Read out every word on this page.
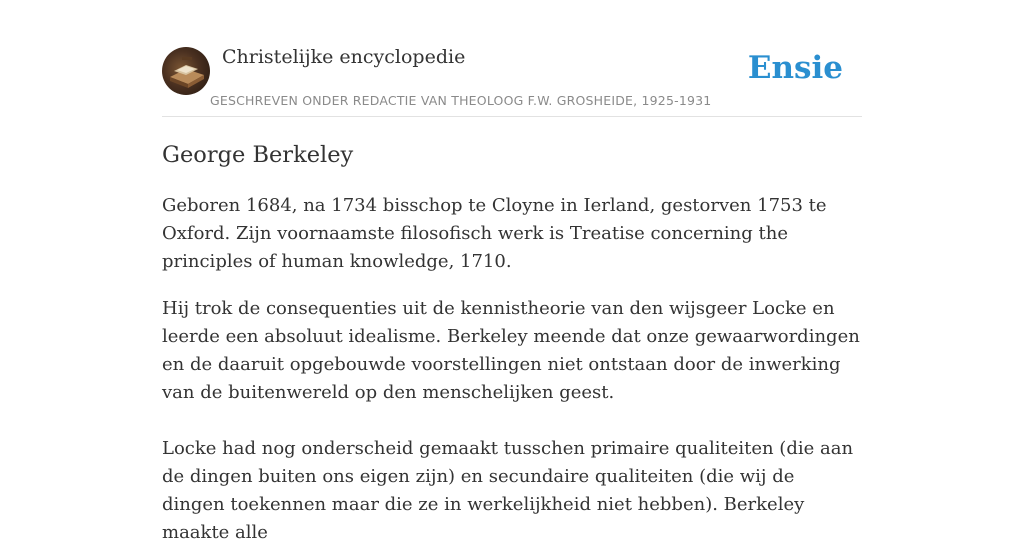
Christelijke encyclopedie
GESCHREVEN ONDER REDACTIE VAN THEOLOOG F.W. GROSHEIDE, 1925-1931
Ensie
George Berkeley

Geboren 1684, na 1734 bisschop te Cloyne in Ierland, gestorven 1753 te Oxford. Zijn voornaamste filosofisch werk is Treatise concerning the principles of human knowledge, 1710.

Hij trok de consequenties uit de kennistheorie van den wijsgeer Locke en leerde een absoluut idealisme. Berkeley meende dat onze gewaarwordingen en de daaruit opgebouwde voorstellingen niet ontstaan door de inwerking van de buitenwereld op den menschelijken geest.

Locke had nog onderscheid gemaakt tusschen primaire qualiteiten (die aan de dingen buiten ons eigen zijn) en secundaire qualiteiten (die wij de dingen toekennen maar die ze in werkelijkheid niet hebben). Berkeley maakte alle
